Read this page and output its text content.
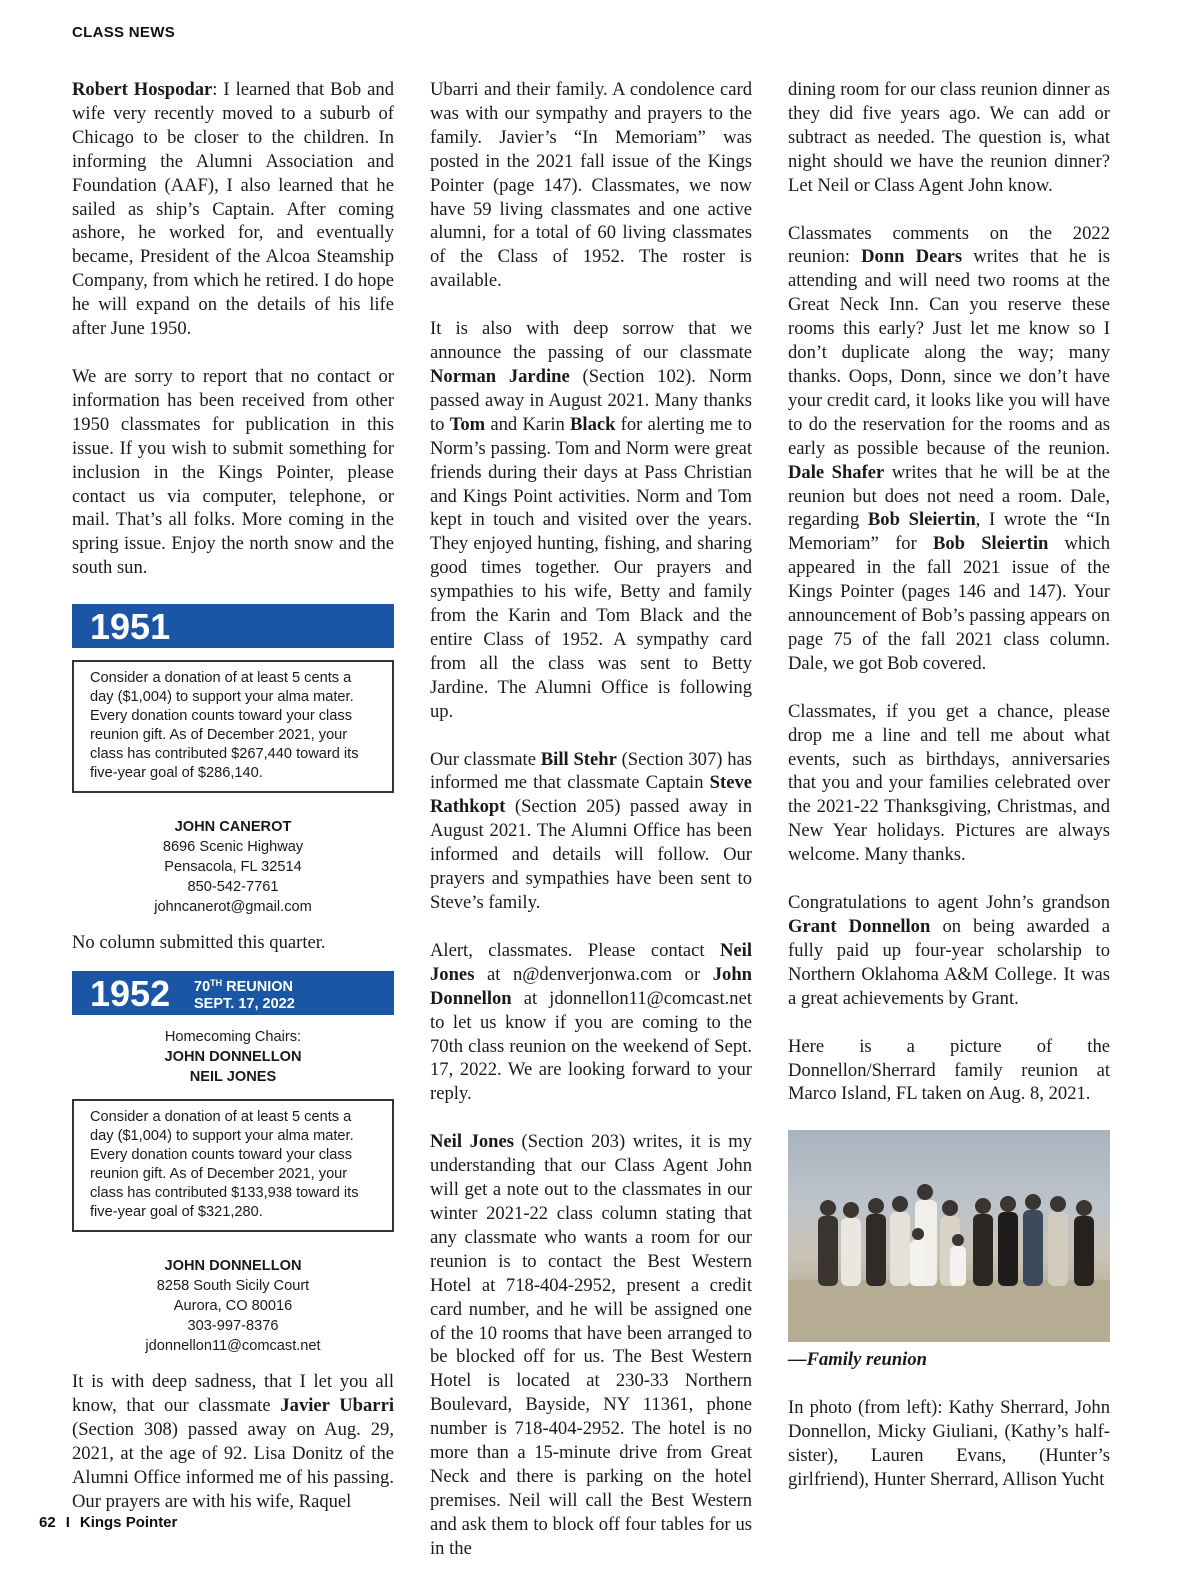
CLASS NEWS

Robert Hospodar: I learned that Bob and wife very recently moved to a suburb of Chicago to be closer to the children. In informing the Alumni Association and Foundation (AAF), I also learned that he sailed as ship’s Captain. After coming ashore, he worked for, and eventually became, President of the Alcoa Steamship Company, from which he retired. I do hope he will expand on the details of his life after June 1950.

We are sorry to report that no contact or information has been received from other 1950 classmates for publication in this issue. If you wish to submit something for inclusion in the Kings Pointer, please contact us via computer, telephone, or mail. That’s all folks. More coming in the spring issue. Enjoy the north snow and the south sun.

1951
Consider a donation of at least 5 cents a day ($1,004) to support your alma mater. Every donation counts toward your class reunion gift. As of December 2021, your class has contributed $267,440 toward its five-year goal of $286,140.
JOHN CANEROT
8696 Scenic Highway
Pensacola, FL 32514
850-542-7761
johncanerot@gmail.com

No column submitted this quarter.

1952 70TH REUNION
SEPT. 17, 2022
Homecoming Chairs:
JOHN DONNELLON
NEIL JONES
Consider a donation of at least 5 cents a day ($1,004) to support your alma mater. Every donation counts toward your class reunion gift. As of December 2021, your class has contributed $133,938 toward its five-year goal of $321,280.
JOHN DONNELLON
8258 South Sicily Court
Aurora, CO 80016
303-997-8376
jdonnellon11@comcast.net

It is with deep sadness, that I let you all know, that our classmate Javier Ubarri (Section 308) passed away on Aug. 29, 2021, at the age of 92. Lisa Donitz of the Alumni Office informed me of his passing. Our prayers are with his wife, Raquel

Ubarri and their family. A condolence card was with our sympathy and prayers to the family. Javier’s “In Memoriam” was posted in the 2021 fall issue of the Kings Pointer (page 147). Classmates, we now have 59 living classmates and one active alumni, for a total of 60 living classmates of the Class of 1952. The roster is available.

It is also with deep sorrow that we announce the passing of our classmate Norman Jardine (Section 102). Norm passed away in August 2021. Many thanks to Tom and Karin Black for alerting me to Norm’s passing. Tom and Norm were great friends during their days at Pass Christian and Kings Point activities. Norm and Tom kept in touch and visited over the years. They enjoyed hunting, fishing, and sharing good times together. Our prayers and sympathies to his wife, Betty and family from the Karin and Tom Black and the entire Class of 1952. A sympathy card from all the class was sent to Betty Jardine. The Alumni Office is following up.

Our classmate Bill Stehr (Section 307) has informed me that classmate Captain Steve Rathkopt (Section 205) passed away in August 2021. The Alumni Office has been informed and details will follow. Our prayers and sympathies have been sent to Steve’s family.

Alert, classmates. Please contact Neil Jones at n@denverjonwa.com or John Donnellon at jdonnellon11@comcast.net to let us know if you are coming to the 70th class reunion on the weekend of Sept. 17, 2022. We are looking forward to your reply.

Neil Jones (Section 203) writes, it is my understanding that our Class Agent John will get a note out to the classmates in our winter 2021-22 class column stating that any classmate who wants a room for our reunion is to contact the Best Western Hotel at 718-404-2952, present a credit card number, and he will be assigned one of the 10 rooms that have been arranged to be blocked off for us. The Best Western Hotel is located at 230-33 Northern Boulevard, Bayside, NY 11361, phone number is 718-404-2952. The hotel is no more than a 15-minute drive from Great Neck and there is parking on the hotel premises. Neil will call the Best Western and ask them to block off four tables for us in the

dining room for our class reunion dinner as they did five years ago. We can add or subtract as needed. The question is, what night should we have the reunion dinner? Let Neil or Class Agent John know.

Classmates comments on the 2022 reunion: Donn Dears writes that he is attending and will need two rooms at the Great Neck Inn. Can you reserve these rooms this early? Just let me know so I don’t duplicate along the way; many thanks. Oops, Donn, since we don’t have your credit card, it looks like you will have to do the reservation for the rooms and as early as possible because of the reunion. Dale Shafer writes that he will be at the reunion but does not need a room. Dale, regarding Bob Sleiertin, I wrote the “In Memoriam” for Bob Sleiertin which appeared in the fall 2021 issue of the Kings Pointer (pages 146 and 147). Your announcement of Bob’s passing appears on page 75 of the fall 2021 class column. Dale, we got Bob covered.

Classmates, if you get a chance, please drop me a line and tell me about what events, such as birthdays, anniversaries that you and your families celebrated over the 2021-22 Thanksgiving, Christmas, and New Year holidays. Pictures are always welcome. Many thanks.

Congratulations to agent John’s grandson Grant Donnellon on being awarded a fully paid up four-year scholarship to Northern Oklahoma A&M College. It was a great achievements by Grant.

Here is a picture of the Donnellon/Sherrard family reunion at Marco Island, FL taken on Aug. 8, 2021.

—Family reunion

In photo (from left): Kathy Sherrard, John Donnellon, Micky Giuliani, (Kathy’s half-sister), Lauren Evans, (Hunter’s girlfriend), Hunter Sherrard, Allison Yucht

62 I Kings Pointer
